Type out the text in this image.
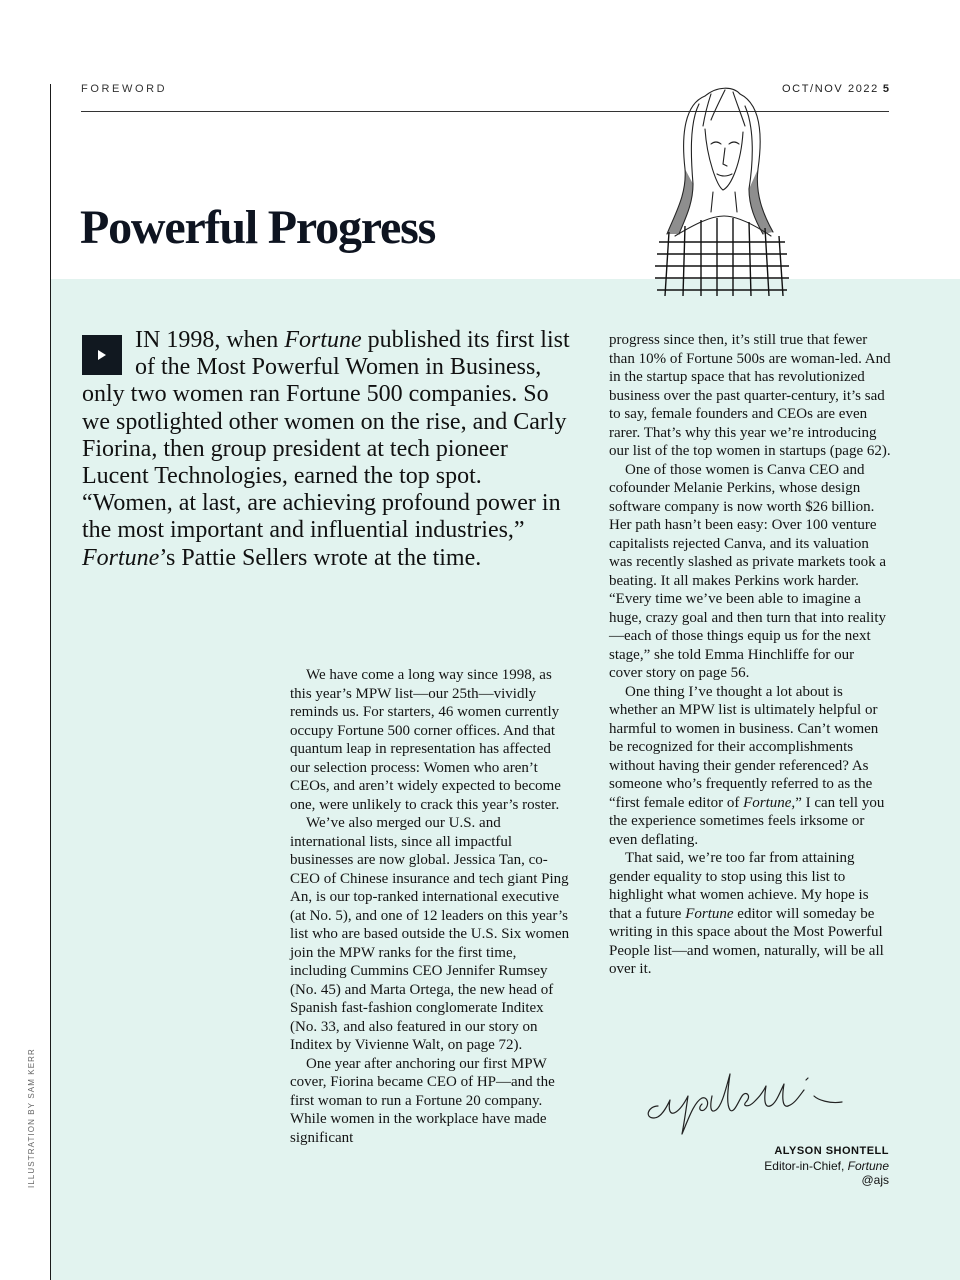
FOREWORD	OCT/NOV 2022 5
Powerful Progress

IN 1998, when Fortune published its first list of the Most Powerful Women in Business, only two women ran Fortune 500 companies. So we spotlighted other women on the rise, and Carly Fiorina, then group president at tech pioneer Lucent Technologies, earned the top spot. “Women, at last, are achieving profound power in the most important and influential industries,” Fortune’s Pattie Sellers wrote at the time.

We have come a long way since 1998, as this year’s MPW list—our 25th—vividly reminds us. For starters, 46 women currently occupy Fortune 500 corner offices. And that quantum leap in representation has affected our selection process: Women who aren’t CEOs, and aren’t widely expected to become one, were unlikely to crack this year’s roster.

We’ve also merged our U.S. and international lists, since all impactful businesses are now global. Jessica Tan, co-CEO of Chinese insurance and tech giant Ping An, is our top-ranked international executive (at No. 5), and one of 12 leaders on this year’s list who are based outside the U.S. Six women join the MPW ranks for the first time, including Cummins CEO Jennifer Rumsey (No. 45) and Marta Ortega, the new head of Spanish fast-fashion conglomerate Inditex (No. 33, and also featured in our story on Inditex by Vivienne Walt, on page 72).

One year after anchoring our first MPW cover, Fiorina became CEO of HP—and the first woman to run a Fortune 20 company. While women in the workplace have made significant

progress since then, it’s still true that fewer than 10% of Fortune 500s are woman-led. And in the startup space that has revolutionized business over the past quarter-century, it’s sad to say, female founders and CEOs are even rarer. That’s why this year we’re introducing our list of the top women in startups (page 62).

One of those women is Canva CEO and cofounder Melanie Perkins, whose design software company is now worth $26 billion. Her path hasn’t been easy: Over 100 venture capitalists rejected Canva, and its valuation was recently slashed as private markets took a beating. It all makes Perkins work harder. “Every time we’ve been able to imagine a huge, crazy goal and then turn that into reality—each of those things equip us for the next stage,” she told Emma Hinchliffe for our cover story on page 56.

One thing I’ve thought a lot about is whether an MPW list is ultimately helpful or harmful to women in business. Can’t women be recognized for their accomplishments without having their gender referenced? As someone who’s frequently referred to as the “first female editor of Fortune,” I can tell you the experience sometimes feels irksome or even deflating.

That said, we’re too far from attaining gender equality to stop using this list to highlight what women achieve. My hope is that a future Fortune editor will someday be writing in this space about the Most Powerful People list—and women, naturally, will be all over it.

ALYSON SHONTELL
Editor-in-Chief, Fortune
@ajs
ILLUSTRATION BY SAM KERR
